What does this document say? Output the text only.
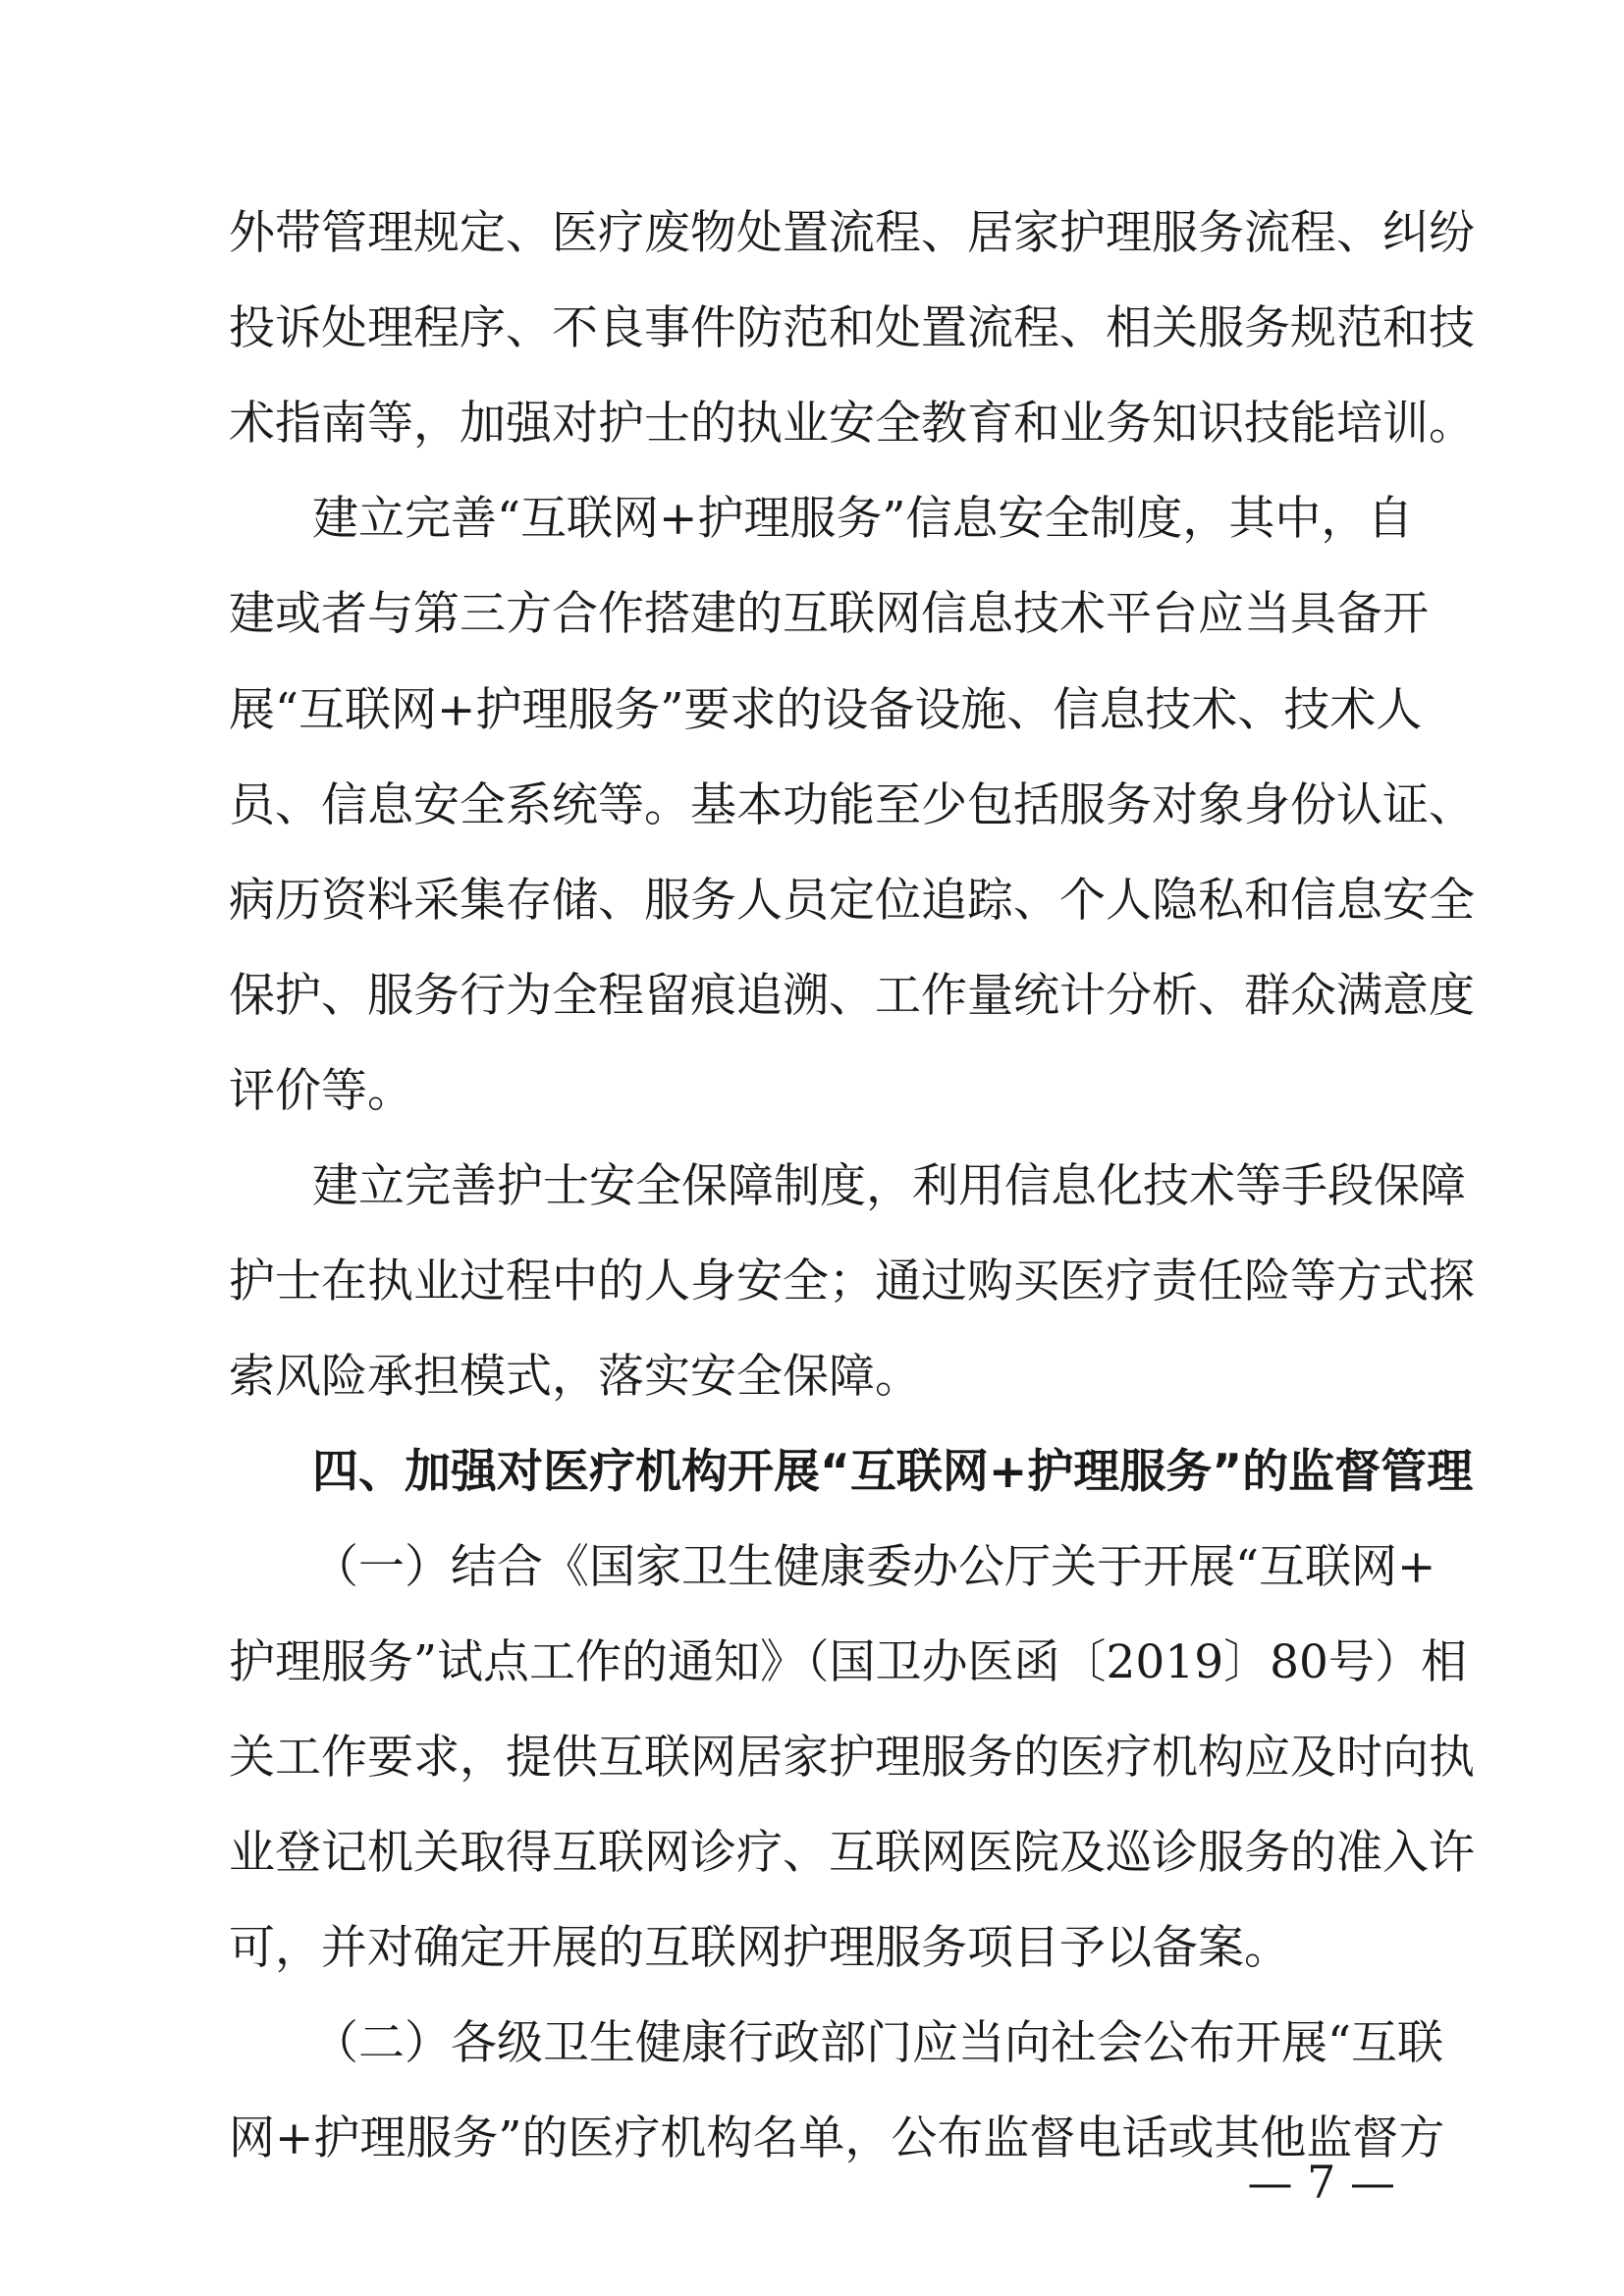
外带管理规定、医疗废物处置流程、居家护理服务流程、纠纷

投诉处理程序、不良事件防范和处置流程、相关服务规范和技

术指南等，加强对护士的执业安全教育和业务知识技能培训。

建立完善“互联网+护理服务”信息安全制度，其中，自

建或者与第三方合作搭建的互联网信息技术平台应当具备开

展“互联网+护理服务”要求的设备设施、信息技术、技术人

员、信息安全系统等。基本功能至少包括服务对象身份认证、

病历资料采集存储、服务人员定位追踪、个人隐私和信息安全

保护、服务行为全程留痕追溯、工作量统计分析、群众满意度

评价等。

建立完善护士安全保障制度，利用信息化技术等手段保障

护士在执业过程中的人身安全；通过购买医疗责任险等方式探

索风险承担模式，落实安全保障。

四、加强对医疗机构开展“互联网+护理服务”的监督管理

（一）结合《国家卫生健康委办公厅关于开展“互联网+

护理服务”试点工作的通知》（国卫办医函〔2019〕80号）相

关工作要求，提供互联网居家护理服务的医疗机构应及时向执

业登记机关取得互联网诊疗、互联网医院及巡诊服务的准入许

可，并对确定开展的互联网护理服务项目予以备案。

（二）各级卫生健康行政部门应当向社会公布开展“互联

网+护理服务”的医疗机构名单，公布监督电话或其他监督方

— 7 —
